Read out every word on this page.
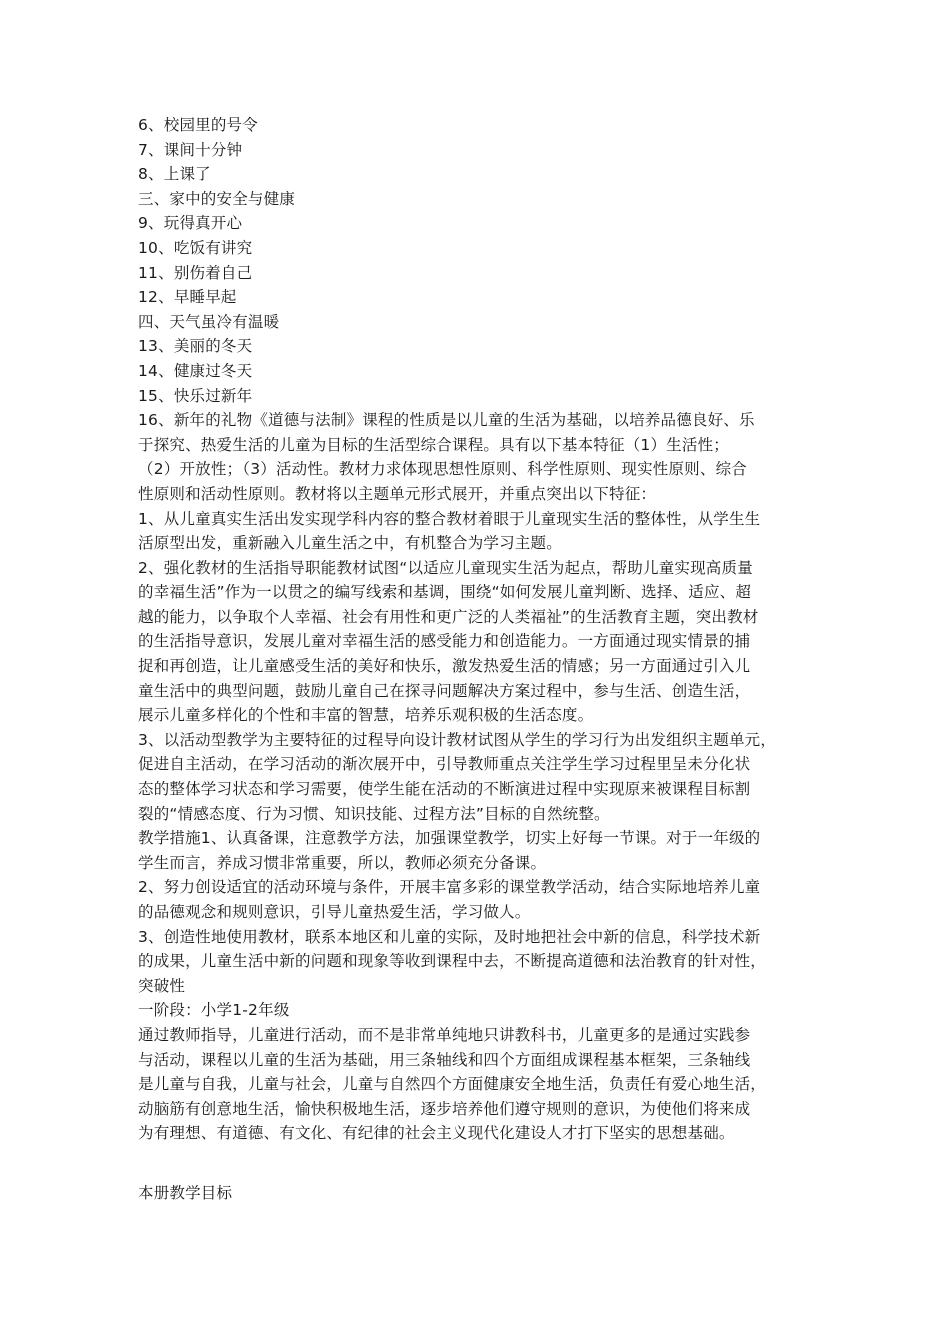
6、校园里的号令
7、课间十分钟
8、上课了
三、家中的安全与健康
9、玩得真开心
10、吃饭有讲究
11、别伤着自己
12、早睡早起
四、天气虽冷有温暖
13、美丽的冬天
14、健康过冬天
15、快乐过新年
16、新年的礼物《道德与法制》课程的性质是以儿童的生活为基础，以培养品德良好、乐
于探究、热爱生活的儿童为目标的生活型综合课程。具有以下基本特征（1）生活性；
（2）开放性；（3）活动性。教材力求体现思想性原则、科学性原则、现实性原则、综合
性原则和活动性原则。教材将以主题单元形式展开，并重点突出以下特征：
1、从儿童真实生活出发实现学科内容的整合教材着眼于儿童现实生活的整体性，从学生生
活原型出发，重新融入儿童生活之中，有机整合为学习主题。
2、强化教材的生活指导职能教材试图“以适应儿童现实生活为起点，帮助儿童实现高质量
的幸福生活”作为一以贯之的编写线索和基调，围绕“如何发展儿童判断、选择、适应、超
越的能力，以争取个人幸福、社会有用性和更广泛的人类福祉”的生活教育主题，突出教材
的生活指导意识，发展儿童对幸福生活的感受能力和创造能力。一方面通过现实情景的捕
捉和再创造，让儿童感受生活的美好和快乐，激发热爱生活的情感；另一方面通过引入儿
童生活中的典型问题，鼓励儿童自己在探寻问题解决方案过程中，参与生活、创造生活，
展示儿童多样化的个性和丰富的智慧，培养乐观积极的生活态度。
3、以活动型教学为主要特征的过程导向设计教材试图从学生的学习行为出发组织主题单元，
促进自主活动，在学习活动的渐次展开中，引导教师重点关注学生学习过程里呈未分化状
态的整体学习状态和学习需要，使学生能在活动的不断演进过程中实现原来被课程目标割
裂的“情感态度、行为习惯、知识技能、过程方法”目标的自然统整。
教学措施1、认真备课，注意教学方法，加强课堂教学，切实上好每一节课。对于一年级的
学生而言，养成习惯非常重要，所以，教师必须充分备课。
2、努力创设适宜的活动环境与条件，开展丰富多彩的课堂教学活动，结合实际地培养儿童
的品德观念和规则意识，引导儿童热爱生活，学习做人。
3、创造性地使用教材，联系本地区和儿童的实际，及时地把社会中新的信息，科学技术新
的成果，儿童生活中新的问题和现象等收到课程中去，不断提高道德和法治教育的针对性，
突破性
一阶段：小学1-2年级
通过教师指导，儿童进行活动，而不是非常单纯地只讲教科书，儿童更多的是通过实践参
与活动，课程以儿童的生活为基础，用三条轴线和四个方面组成课程基本框架，三条轴线
是儿童与自我，儿童与社会，儿童与自然四个方面健康安全地生活，负责任有爱心地生活，
动脑筋有创意地生活，愉快积极地生活，逐步培养他们遵守规则的意识，为使他们将来成
为有理想、有道德、有文化、有纪律的社会主义现代化建设人才打下坚实的思想基础。
本册教学目标
